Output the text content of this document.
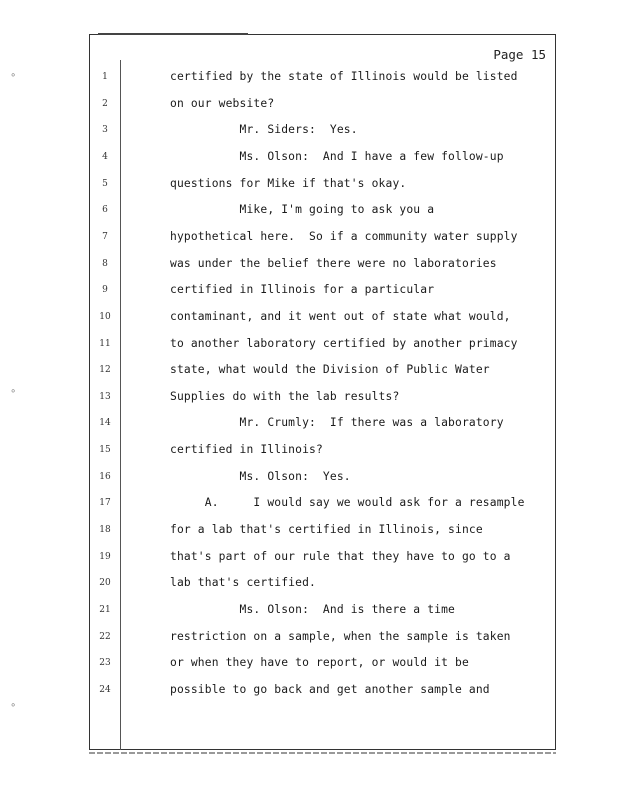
∘
∘
∘
Page 15
1	certified by the state of Illinois would be listed
2	on our website?
3	Mr. Siders:  Yes.
4	Ms. Olson:  And I have a few follow-up
5	questions for Mike if that's okay.
6	Mike, I'm going to ask you a
7	hypothetical here.  So if a community water supply
8	was under the belief there were no laboratories
9	certified in Illinois for a particular
10	contaminant, and it went out of state what would,
11	to another laboratory certified by another primacy
12	state, what would the Division of Public Water
13	Supplies do with the lab results?
14	Mr. Crumly:  If there was a laboratory
15	certified in Illinois?
16	Ms. Olson:  Yes.
17	A.     I would say we would ask for a resample
18	for a lab that's certified in Illinois, since
19	that's part of our rule that they have to go to a
20	lab that's certified.
21	Ms. Olson:  And is there a time
22	restriction on a sample, when the sample is taken
23	or when they have to report, or would it be
24	possible to go back and get another sample and
